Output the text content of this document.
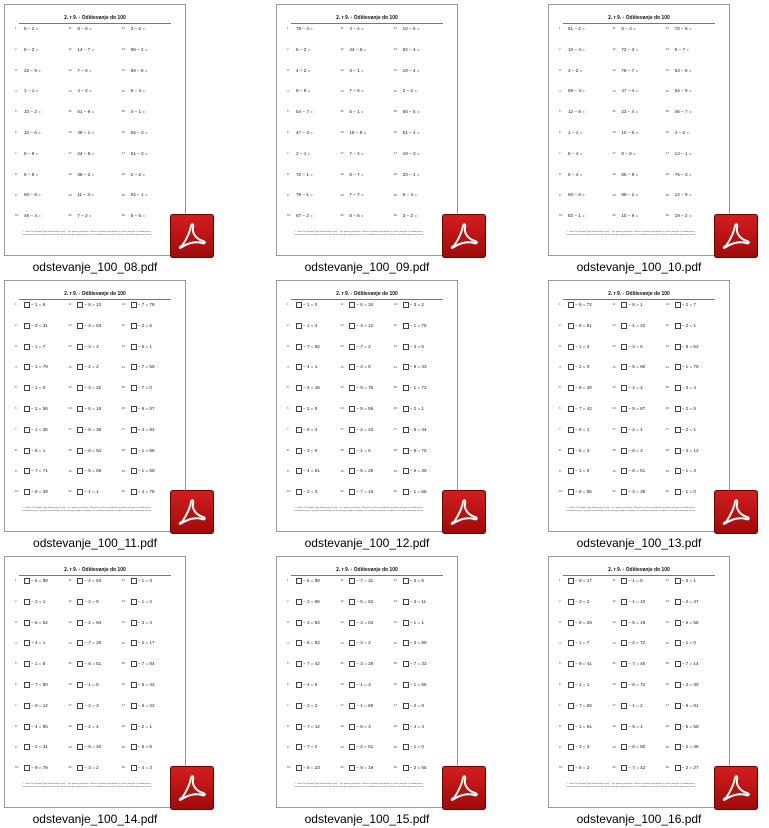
2. r 9. - Odštevanje do 100
1	5 − 2 =	11	9 − 8 =	21	3 − 2 =
2	9 − 2 =	12	14 − 7 =	22	88 − 2 =
3	22 − 9 =	13	7 − 6 =	23	89 − 8 =
4	1 − 1 =	14	4 − 2 =	24	5 − 4 =
5	10 − 2 =	15	61 − 9 =	25	4 − 1 =
6	10 − 6 =	16	49 − 1 =	26	55 − 3 =
7	9 − 9 =	17	24 − 8 =	27	61 − 3 =
8	6 − 6 =	18	38 − 2 =	28	2 − 2 =
9	50 − 8 =	19	11 − 3 =	29	64 − 1 =
10	46 − 4 =	20	7 − 2 =	30	6 − 5 =
© Vilma Gril Pirotnik (http://www.mlinec.org) – Vse pravice pridržane. Delovni list lahko uporabljate za lastne potrebe. Preoblikovanje, razmnoževanje in prodaja niso dovoljeni brez pisnega soglasja avtorice. Za nadaljnjo uporabo se obrnite na lastnika spletnega mesta.
odstevanje_100_08.pdf
2. r 9. - Odštevanje do 100
1	79 − 4 =	11	4 − 4 =	21	10 − 5 =
2	5 − 2 =	12	44 − 6 =	22	82 − 4 =
3	4 − 2 =	13	3 − 1 =	23	10 − 4 =
4	9 − 9 =	14	7 − 6 =	24	2 − 2 =
5	54 − 7 =	15	5 − 1 =	25	66 − 5 =
6	47 − 3 =	16	18 − 9 =	26	51 − 4 =
7	2 − 1 =	17	7 − 4 =	27	19 − 3 =
8	72 − 1 =	18	9 − 7 =	28	33 − 1 =
9	79 − 1 =	19	7 − 7 =	29	5 − 4 =
10	67 − 2 =	20	8 − 8 =	30	3 − 2 =
© Vilma Gril Pirotnik (http://www.mlinec.org) – Vse pravice pridržane. Delovni list lahko uporabljate za lastne potrebe. Preoblikovanje, razmnoževanje in prodaja niso dovoljeni brez pisnega soglasja avtorice. Za nadaljnjo uporabo se obrnite na lastnika spletnega mesta.
odstevanje_100_09.pdf
2. r 9. - Odštevanje do 100
1	61 − 2 =	11	5 − 3 =	21	78 − 8 =
2	10 − 4 =	12	73 − 3 =	22	9 − 7 =
3	3 − 2 =	13	78 − 7 =	23	63 − 8 =
4	59 − 4 =	14	47 − 4 =	24	54 − 9 =
5	12 − 8 =	15	23 − 4 =	25	46 − 7 =
6	1 − 1 =	16	10 − 5 =	26	4 − 2 =
7	8 − 4 =	17	9 − 9 =	27	13 − 1 =
8	6 − 4 =	18	95 − 9 =	28	76 − 3 =
9	50 − 6 =	19	89 − 2 =	29	14 − 9 =
10	82 − 1 =	20	10 − 9 =	30	19 − 2 =
© Vilma Gril Pirotnik (http://www.mlinec.org) – Vse pravice pridržane. Delovni list lahko uporabljate za lastne potrebe. Preoblikovanje, razmnoževanje in prodaja niso dovoljeni brez pisnega soglasja avtorice. Za nadaljnjo uporabo se obrnite na lastnika spletnega mesta.
odstevanje_100_10.pdf
2. r 9. - Odštevanje do 100
1	− 1 = 6	11	− 8 = 10	21	− 7 = 78
2	− 3 = 31	12	− 3 = 63	22	− 2 = 6
3	− 1 = 7	13	− 3 = 3	23	− 5 = 1
4	− 1 = 79	14	− 2 = 2	24	− 7 = 50
5	− 1 = 0	15	− 3 = 32	25	− 7 = 0
6	− 2 = 56	16	− 6 = 18	26	− 6 = 57
7	− 1 = 35	17	− 8 = 36	27	− 4 = 82
8	− 6 = 1	18	− 6 = 54	28	− 1 = 98
9	− 7 = 71	19	− 5 = 65	29	− 1 = 68
10	− 6 = 39	20	− 1 = 1	30	− 4 = 79
© Vilma Gril Pirotnik (http://www.mlinec.org) – Vse pravice pridržane. Delovni list lahko uporabljate za lastne potrebe. Preoblikovanje, razmnoževanje in prodaja niso dovoljeni brez pisnega soglasja avtorice. Za nadaljnjo uporabo se obrnite na lastnika spletnega mesta.
odstevanje_100_11.pdf
2. r 9. - Odštevanje do 100
1	− 1 = 0	11	− 6 = 34	21	− 3 = 2
2	− 1 = 4	12	− 4 = 12	22	− 1 = 75
3	− 7 = 92	13	− 7 = 2	23	− 4 = 0
4	− 4 = 1	14	− 4 = 5	24	− 9 = 43
5	− 4 = 15	15	− 9 = 76	25	− 1 = 72
6	− 2 = 5	16	− 5 = 56	26	− 2 = 1
7	− 6 = 4	17	− 2 = 43	27	− 5 = 44
8	− 3 = 0	18	− 1 = 5	28	− 9 = 70
9	− 4 = 81	19	− 5 = 28	29	− 6 = 30
10	− 2 = 3	20	− 7 = 16	30	− 1 = 65
© Vilma Gril Pirotnik (http://www.mlinec.org) – Vse pravice pridržane. Delovni list lahko uporabljate za lastne potrebe. Preoblikovanje, razmnoževanje in prodaja niso dovoljeni brez pisnega soglasja avtorice. Za nadaljnjo uporabo se obrnite na lastnika spletnega mesta.
odstevanje_100_12.pdf
2. r 9. - Odštevanje do 100
1	− 9 = 72	11	− 8 = 1	21	− 2 = 7
2	− 6 = 51	12	− 1 = 42	22	− 2 = 1
3	− 1 = 4	13	− 3 = 5	23	− 8 = 52
4	− 2 = 0	14	− 5 = 90	24	− 1 = 70
5	− 8 = 49	15	− 4 = 4	25	− 3 = 4
6	− 7 = 42	16	− 5 = 87	26	− 2 = 5
7	− 6 = 1	17	− 2 = 1	27	− 2 = 1
8	− 5 = 3	18	− 6 = 3	28	− 4 = 12
9	− 1 = 6	19	− 8 = 51	29	− 1 = 3
10	− 6 = 55	20	− 3 = 39	30	− 1 = 0
© Vilma Gril Pirotnik (http://www.mlinec.org) – Vse pravice pridržane. Delovni list lahko uporabljate za lastne potrebe. Preoblikovanje, razmnoževanje in prodaja niso dovoljeni brez pisnega soglasja avtorice. Za nadaljnjo uporabo se obrnite na lastnika spletnega mesta.
odstevanje_100_13.pdf
2. r 9. - Odštevanje do 100
1	− 5 = 88	11	− 2 = 64	21	− 1 = 3
2	− 2 = 1	12	− 2 = 9	22	− 1 = 2
3	− 6 = 52	13	− 2 = 94	23	− 3 = 4
4	− 4 = 1	14	− 7 = 26	24	− 2 = 17
5	− 1 = 8	15	− 8 = 51	25	− 7 = 84
6	− 7 = 80	16	− 1 = 5	26	− 5 = 42
7	− 9 = 12	17	− 2 = 3	27	− 5 = 23
8	− 4 = 55	18	− 2 = 4	28	− 2 = 1
9	− 2 = 31	19	− 9 = 40	29	− 6 = 9
10	− 9 = 78	20	− 3 = 2	30	− 4 = 3
© Vilma Gril Pirotnik (http://www.mlinec.org) – Vse pravice pridržane. Delovni list lahko uporabljate za lastne potrebe. Preoblikovanje, razmnoževanje in prodaja niso dovoljeni brez pisnega soglasja avtorice. Za nadaljnjo uporabo se obrnite na lastnika spletnega mesta.
odstevanje_100_14.pdf
2. r 9. - Odštevanje do 100
1	− 5 = 88	11	− 7 = 31	21	− 3 = 6
2	− 2 = 66	12	− 5 = 62	22	− 3 = 11
3	− 3 = 84	13	− 3 = 63	23	− 1 = 1
4	− 6 = 84	14	− 3 = 2	24	− 3 = 89
5	− 7 = 42	15	− 3 = 29	25	− 7 = 33
6	− 4 = 5	16	− 1 = 3	26	− 1 = 65
7	− 2 = 2	17	− 1 = 69	27	− 2 = 8
8	− 7 = 12	18	− 6 = 3	28	− 4 = 4
9	− 7 = 2	19	− 2 = 51	29	− 1 = 0
10	− 8 = 23	20	− 9 = 19	30	− 2 = 55
© Vilma Gril Pirotnik (http://www.mlinec.org) – Vse pravice pridržane. Delovni list lahko uporabljate za lastne potrebe. Preoblikovanje, razmnoževanje in prodaja niso dovoljeni brez pisnega soglasja avtorice. Za nadaljnjo uporabo se obrnite na lastnika spletnega mesta.
odstevanje_100_15.pdf
2. r 9. - Odštevanje do 100
1	− 9 = 17	11	− 1 = 5	21	− 3 = 1
2	− 3 = 2	12	− 1 = 10	22	− 2 = 47
3	− 8 = 29	13	− 5 = 19	23	− 6 = 56
4	− 1 = 7	14	− 2 = 72	24	− 1 = 0
5	− 9 = 41	15	− 7 = 46	25	− 7 = 14
6	− 1 = 1	16	− 6 = 72	26	− 4 = 30
7	− 7 = 50	17	− 1 = 2	27	− 9 = 81
8	− 1 = 61	18	− 9 = 1	28	− 5 = 58
9	− 3 = 3	19	− 6 = 80	29	− 2 = 48
10	− 8 = 2	20	− 7 = 42	30	− 2 = 27
© Vilma Gril Pirotnik (http://www.mlinec.org) – Vse pravice pridržane. Delovni list lahko uporabljate za lastne potrebe. Preoblikovanje, razmnoževanje in prodaja niso dovoljeni brez pisnega soglasja avtorice. Za nadaljnjo uporabo se obrnite na lastnika spletnega mesta.
odstevanje_100_16.pdf
